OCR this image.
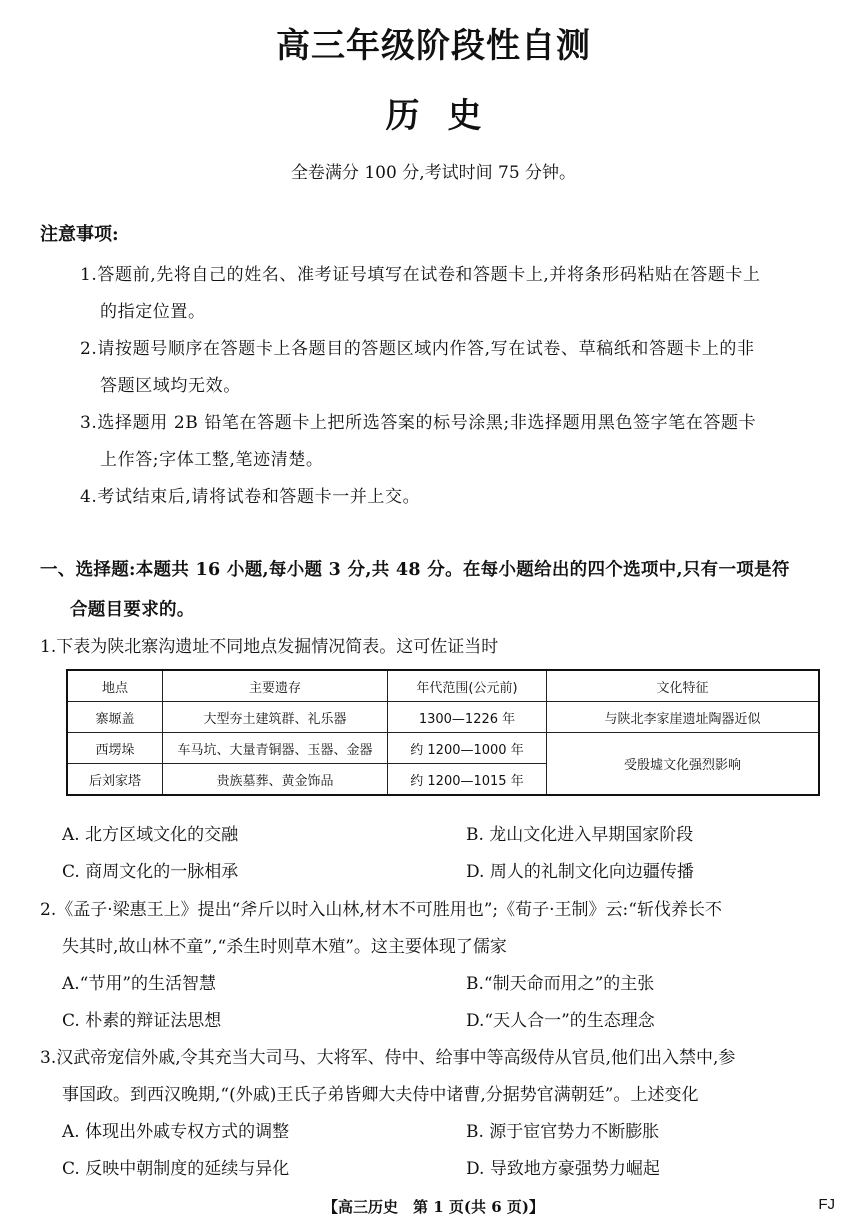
高三年级阶段性自测
历史
全卷满分 100 分,考试时间 75 分钟。
注意事项:
1.答题前,先将自己的姓名、准考证号填写在试卷和答题卡上,并将条形码粘贴在答题卡上
的指定位置。
2.请按题号顺序在答题卡上各题目的答题区域内作答,写在试卷、草稿纸和答题卡上的非
答题区域均无效。
3.选择题用 2B 铅笔在答题卡上把所选答案的标号涂黑;非选择题用黑色签字笔在答题卡
上作答;字体工整,笔迹清楚。
4.考试结束后,请将试卷和答题卡一并上交。
一、选择题:本题共 16 小题,每小题 3 分,共 48 分。在每小题给出的四个选项中,只有一项是符
合题目要求的。
1.下表为陕北寨沟遗址不同地点发掘情况简表。这可佐证当时
地点	主要遗存	年代范围(公元前)	文化特征
寨塬盖	大型夯土建筑群、礼乐器	1300—1226 年	与陕北李家崖遗址陶器近似
西塄垛	车马坑、大量青铜器、玉器、金器	约 1200—1000 年	受殷墟文化强烈影响
后刘家塔	贵族墓葬、黄金饰品	约 1200—1015 年	
A. 北方区域文化的交融	B. 龙山文化进入早期国家阶段
C. 商周文化的一脉相承	D. 周人的礼制文化向边疆传播
2.《孟子·梁惠王上》提出“斧斤以时入山林,材木不可胜用也”;《荀子·王制》云:“斩伐养长不
失其时,故山林不童”,“杀生时则草木殖”。这主要体现了儒家
A.“节用”的生活智慧	B.“制天命而用之”的主张
C. 朴素的辩证法思想	D.“天人合一”的生态理念
3.汉武帝宠信外戚,令其充当大司马、大将军、侍中、给事中等高级侍从官员,他们出入禁中,参
事国政。到西汉晚期,“(外戚)王氏子弟皆卿大夫侍中诸曹,分据势官满朝廷”。上述变化
A. 体现出外戚专权方式的调整	B. 源于宦官势力不断膨胀
C. 反映中朝制度的延续与异化	D. 导致地方豪强势力崛起
【高三历史　第 1 页(共 6 页)】	FJ
